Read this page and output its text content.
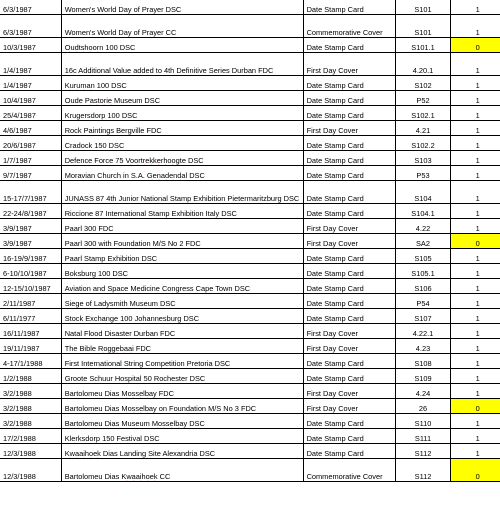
6/3/1987	Women's World Day of Prayer DSC	Date Stamp Card	S101	1
6/3/1987	Women's World Day of Prayer CC	Commemorative Cover	S101	1
10/3/1987	Oudtshoorn 100 DSC	Date Stamp Card	S101.1	0
1/4/1987	16c Additional Value added to 4th Definitive Series Durban FDC	First Day Cover	4.20.1	1
1/4/1987	Kuruman 100 DSC	Date Stamp Card	S102	1
10/4/1987	Oude Pastorie Museum DSC	Date Stamp Card	P52	1
25/4/1987	Krugersdorp 100 DSC	Date Stamp Card	S102.1	1
4/6/1987	Rock Paintings Bergville FDC	First Day Cover	4.21	1
20/6/1987	Cradock 150 DSC	Date Stamp Card	S102.2	1
1/7/1987	Defence Force 75 Voortrekkerhoogte DSC	Date Stamp Card	S103	1
9/7/1987	Moravian Church in S.A. Genadendal DSC	Date Stamp Card	P53	1
15-17/7/1987	JUNASS 87 4th Junior National Stamp Exhibition Pietermaritzburg DSC	Date Stamp Card	S104	1
22-24/8/1987	Riccione 87 International Stamp Exhibition Italy DSC	Date Stamp Card	S104.1	1
3/9/1987	Paarl 300 FDC	First Day Cover	4.22	1
3/9/1987	Paarl 300 with Foundation M/S No 2 FDC	First Day Cover	SA2	0
16-19/9/1987	Paarl Stamp Exhibition DSC	Date Stamp Card	S105	1
6-10/10/1987	Boksburg 100 DSC	Date Stamp Card	S105.1	1
12-15/10/1987	Aviation and Space Medicine Congress Cape Town DSC	Date Stamp Card	S106	1
2/11/1987	Siege of Ladysmith Museum DSC	Date Stamp Card	P54	1
6/11/1977	Stock Exchange 100 Johannesburg DSC	Date Stamp Card	S107	1
16/11/1987	Natal Flood Disaster Durban FDC	First Day Cover	4.22.1	1
19/11/1987	The Bible Roggebaai FDC	First Day Cover	4.23	1
4-17/1/1988	First International String Competition Pretoria DSC	Date Stamp Card	S108	1
1/2/1988	Groote Schuur Hospital 50 Rochester DSC	Date Stamp Card	S109	1
3/2/1988	Bartolomeu Dias Mosselbay FDC	First Day Cover	4.24	1
3/2/1988	Bartolomeu Dias Mosselbay on Foundation M/S No 3 FDC	First Day Cover	26	0
3/2/1988	Bartolomeu Dias Museum Mosselbay DSC	Date Stamp Card	S110	1
17/2/1988	Klerksdorp 150 Festival DSC	Date Stamp Card	S111	1
12/3/1988	Kwaaihoek Dias Landing Site Alexandria DSC	Date Stamp Card	S112	1
12/3/1988	Bartolomeu Dias Kwaaihoek CC	Commemorative Cover	S112	0
